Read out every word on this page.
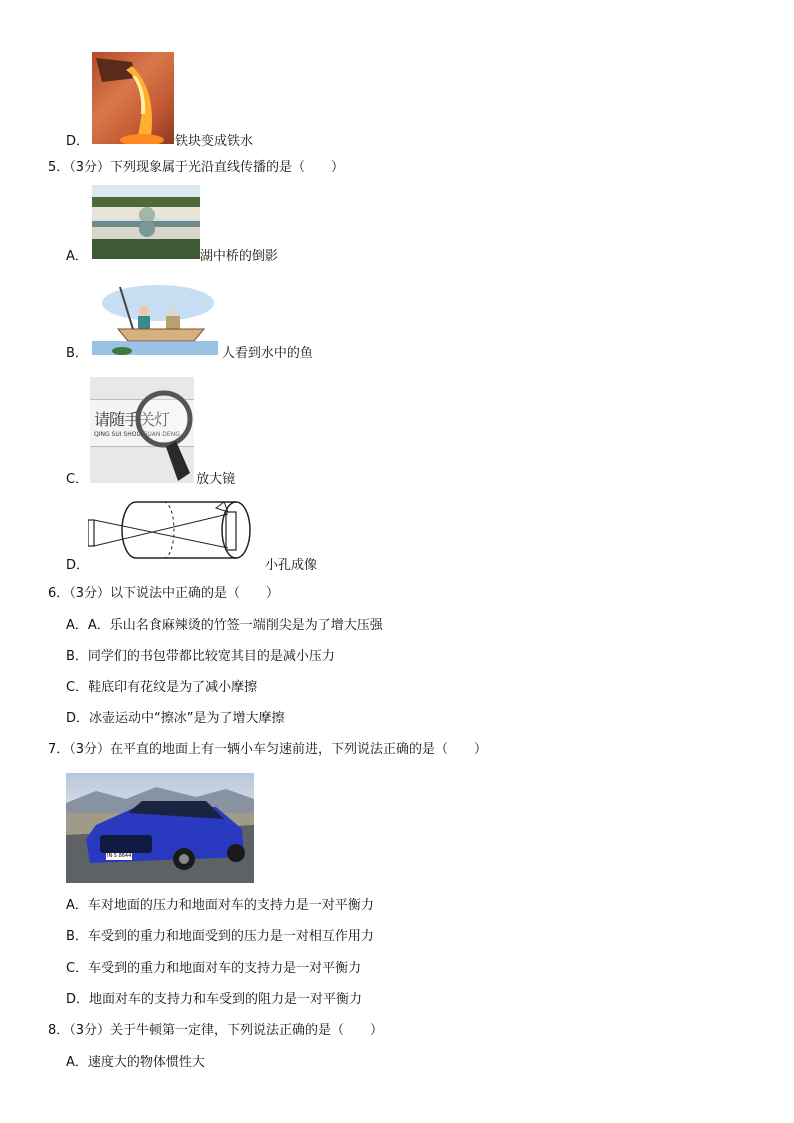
D．	铁块变成铁水
5．（3分）下列现象属于光沿直线传播的是（　　）
A．	湖中桥的倒影
B．	人看到水中的鱼
请随手关灯
QING SUI SHOU GUAN DENG
C．	放大镜
D．	小孔成像
6．（3分）以下说法中正确的是（　　）
A．A．乐山名食麻辣烫的竹签一端削尖是为了增大压强
B．同学们的书包带都比较宽其目的是减小压力
C．鞋底印有花纹是为了减小摩擦
D．冰壶运动中“擦冰”是为了增大摩擦
7．（3分）在平直的地面上有一辆小车匀速前进，下列说法正确的是（　　）
IN·S 8644
A．车对地面的压力和地面对车的支持力是一对平衡力
B．车受到的重力和地面受到的压力是一对相互作用力
C．车受到的重力和地面对车的支持力是一对平衡力
D．地面对车的支持力和车受到的阻力是一对平衡力
8．（3分）关于牛顿第一定律，下列说法正确的是（　　）
A．速度大的物体惯性大
